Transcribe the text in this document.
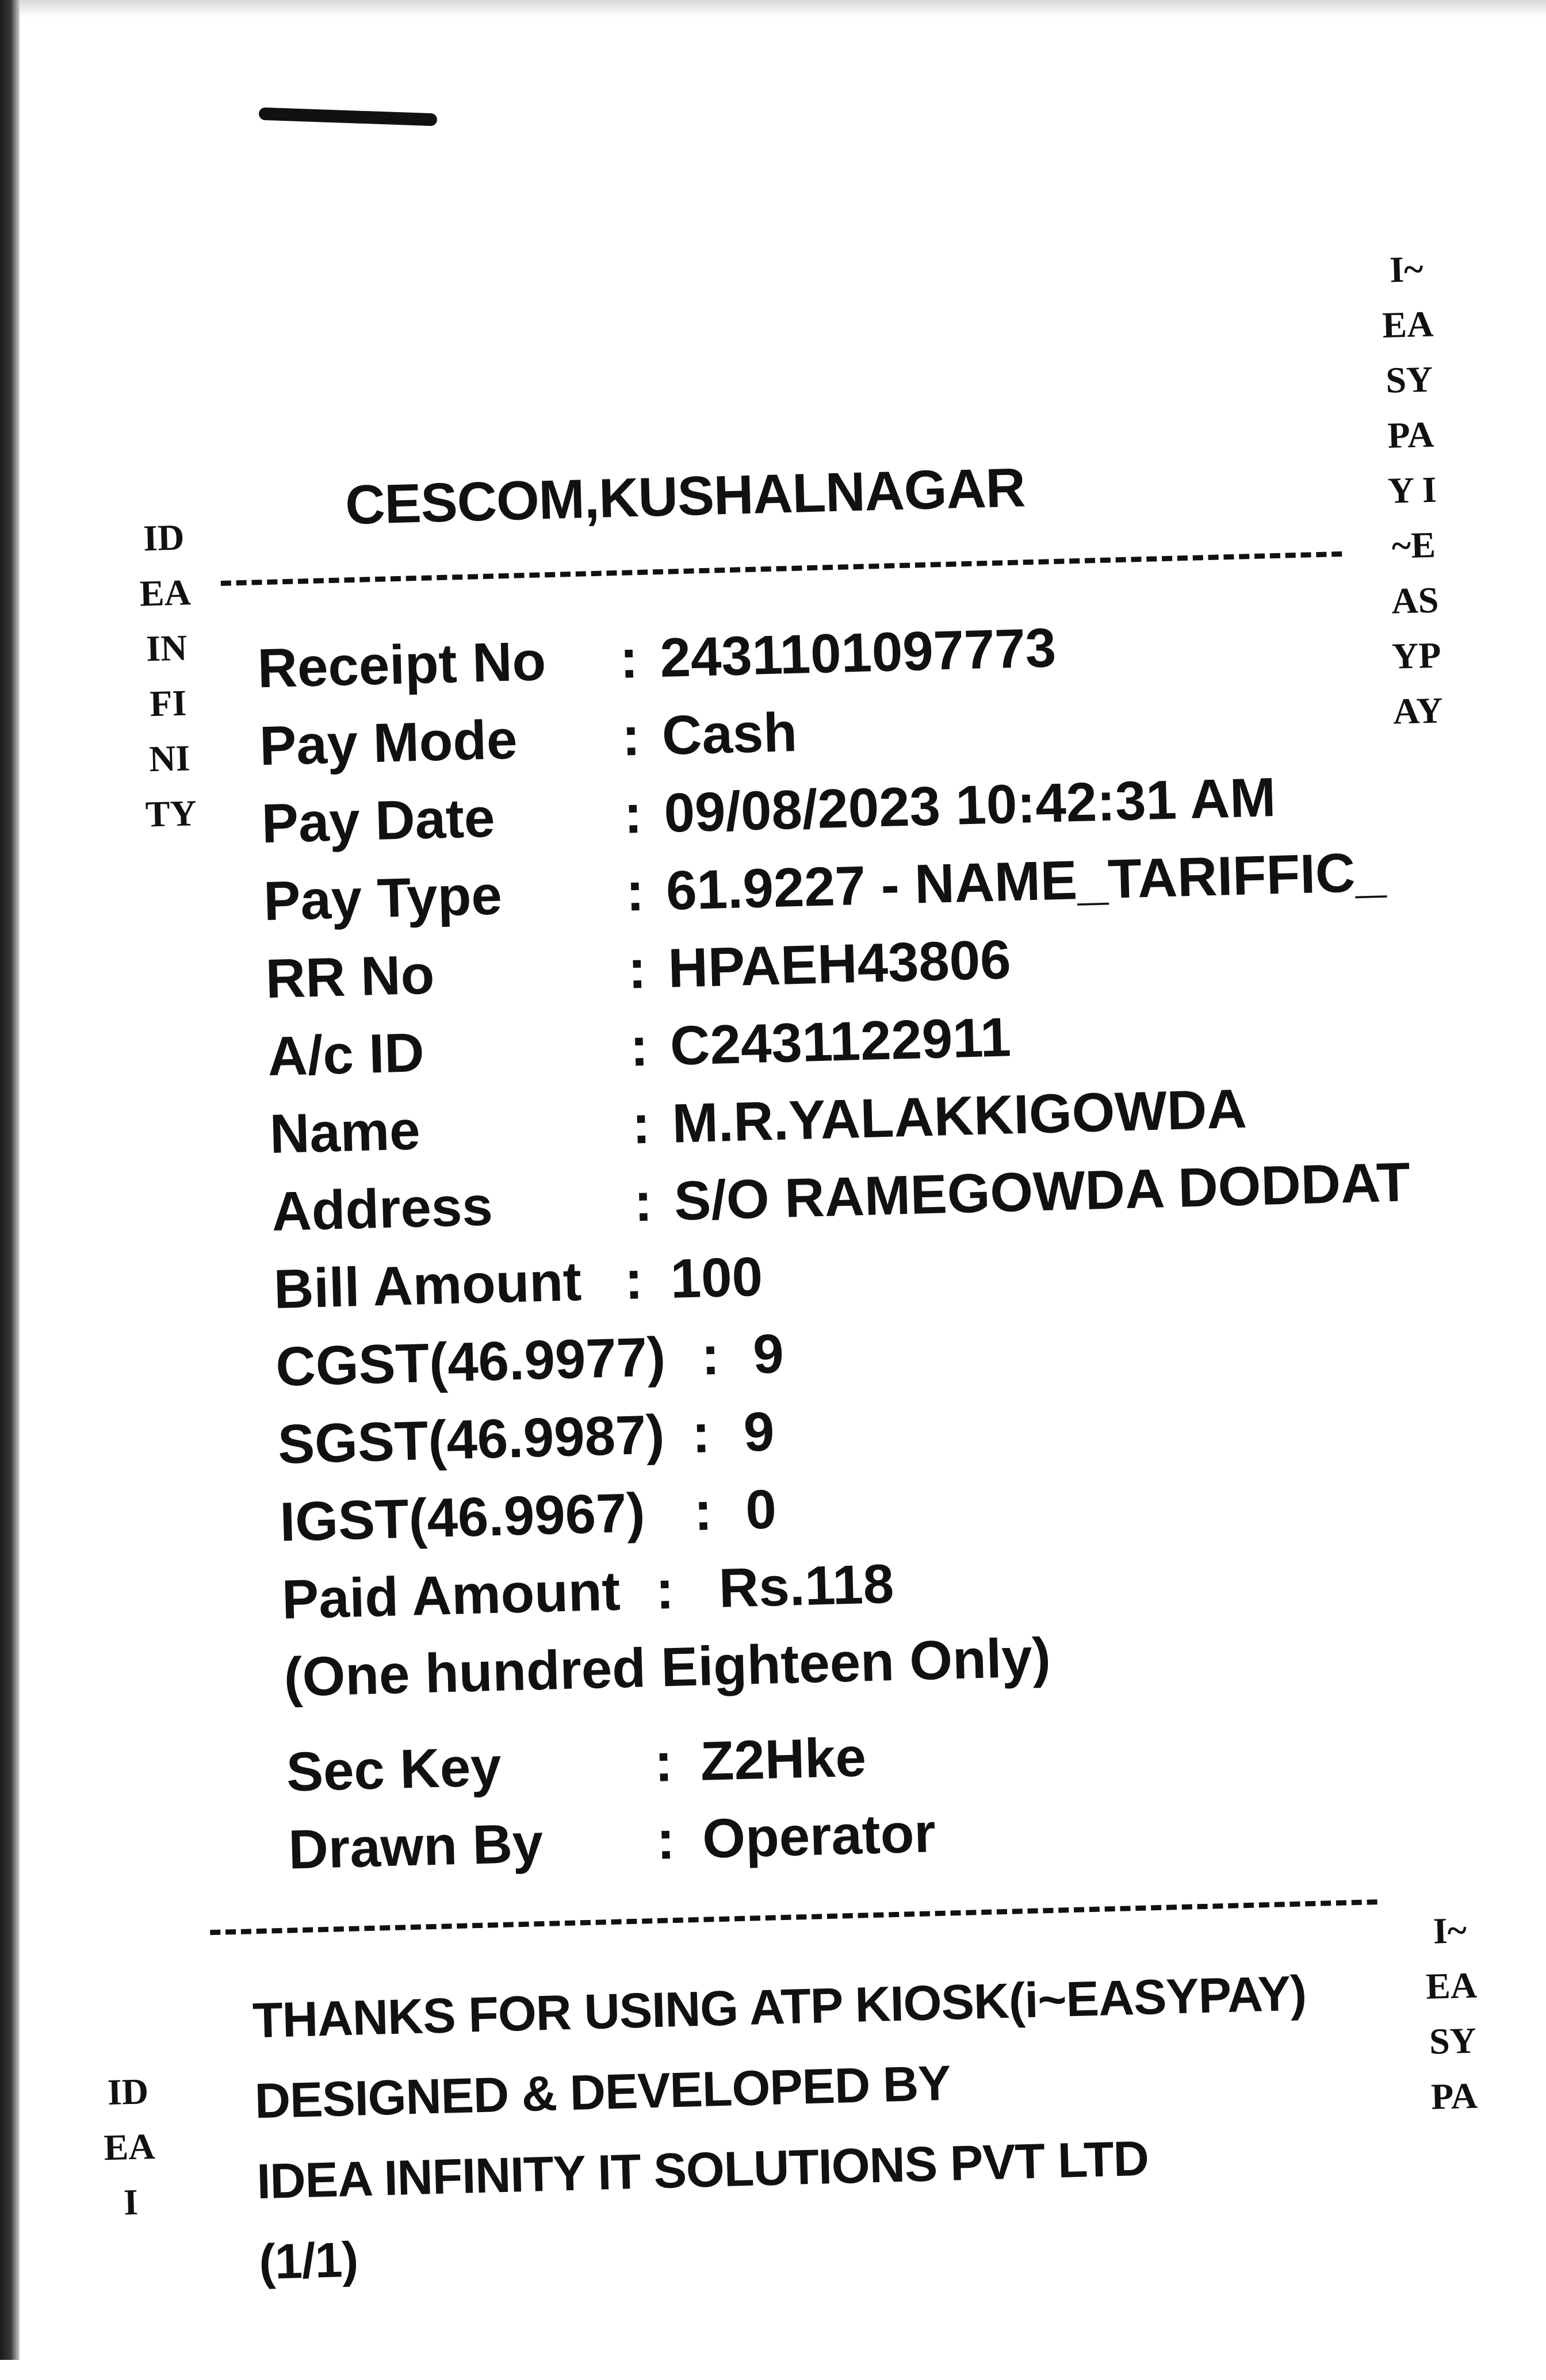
IDEA INFINITY
I~EASYPAY I~EASYPAY
IDEA I
I~EASYPA
CESCOM,KUSHALNAGAR
Receipt No : 2431101097773
Pay Mode : Cash
Pay Date : 09/08/2023 10:42:31 AM
Pay Type : 61.9227 - NAME_TARIFFIC_
RR No	: HPAEH43806
A/c ID	: C2431122911
Name	: M.R.YALAKKIGOWDA
Address	: S/O RAMEGOWDA DODDAT
Bill Amount : 100
CGST(46.9977) : 9
SGST(46.9987) : 9
IGST(46.9967) : 0
Paid Amount : Rs.118
(One hundred Eighteen Only)
Sec Key	: Z2Hke
Drawn By : Operator
THANKS FOR USING ATP KIOSK(i~EASYPAY)
DESIGNED & DEVELOPED BY
IDEA INFINITY IT SOLUTIONS PVT LTD
(1/1)
